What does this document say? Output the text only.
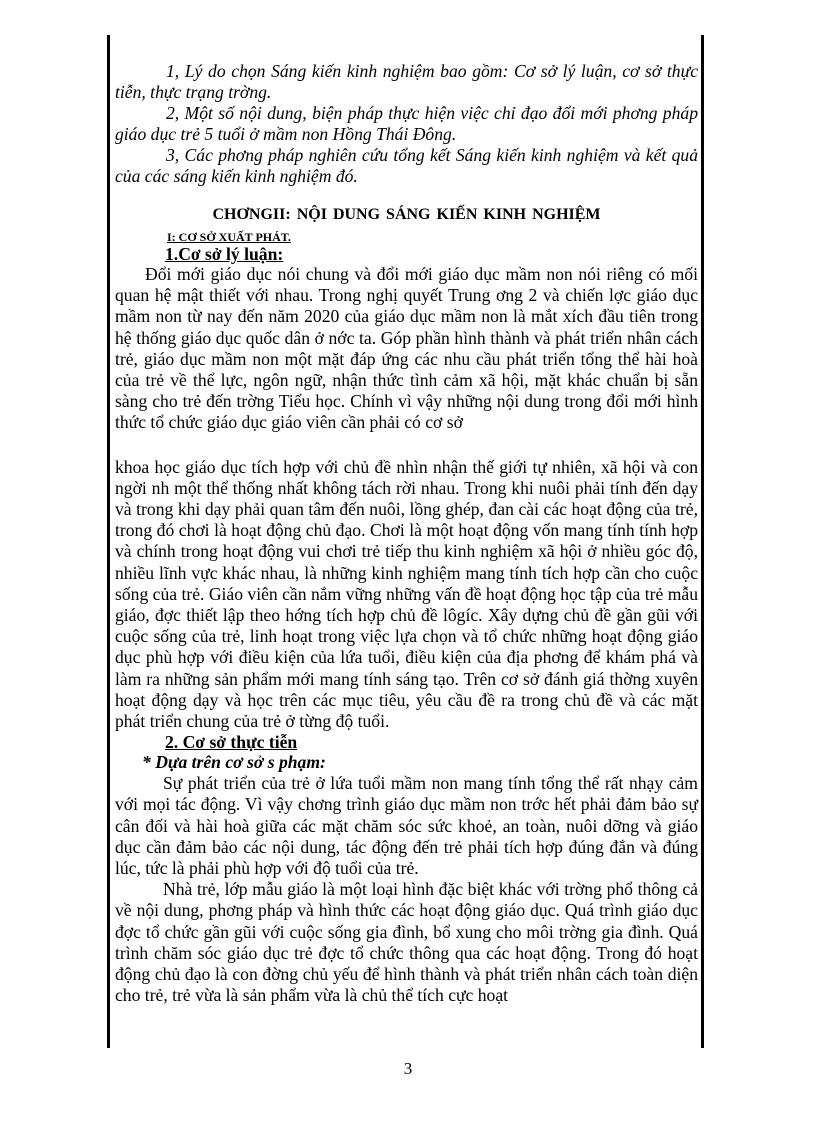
1, Lý do chọn Sáng kiến kinh nghiệm bao gồm: Cơ sở lý luận, cơ sở thực tiễn, thực trạng trờng.

2, Một số nội dung, biện pháp thực hiện việc chỉ đạo đổi mới phơng pháp giáo dục trẻ 5 tuổi ở mầm non Hồng Thái Đông.

3, Các phơng pháp nghiên cứu tổng kết Sáng kiến kinh nghiệm và kết quả của các sáng kiến kinh nghiệm đó.

CHƠNGII: NỘI DUNG SÁNG KIẾN KINH NGHIỆM
I: CƠ SỞ XUẤT PHÁT.
1.Cơ sở lý luận:

Đổi mới giáo dục nói chung và đổi mới giáo dục mầm non nói riêng có mối quan hệ mật thiết với nhau. Trong nghị quyết Trung ơng 2 và chiến lợc giáo dục mầm non từ nay đến năm 2020 của giáo dục mầm non là mắt xích đầu tiên trong hệ thống giáo dục quốc dân ở nớc ta. Góp phần hình thành và phát triển nhân cách trẻ, giáo dục mầm non một mặt đáp ứng các nhu cầu phát triển tổng thể hài hoà của trẻ về thể lực, ngôn ngữ, nhận thức tình cảm xã hội, mặt khác chuẩn bị sẵn sàng cho trẻ đến trờng Tiểu học. Chính vì vậy những nội dung trong đổi mới hình thức tổ chức giáo dục giáo viên cần phải có cơ sở

khoa học giáo dục tích hợp với chủ đề nhìn nhận thế giới tự nhiên, xã hội và con ngời nh một thể thống nhất không tách rời nhau. Trong khi nuôi phải tính đến dạy và trong khi dạy phải quan tâm đến nuôi, lồng ghép, đan cài các hoạt động của trẻ, trong đó chơi là hoạt động chủ đạo. Chơi là một hoạt động vốn mang tính tính hợp và chính trong hoạt động vui chơi trẻ tiếp thu kinh nghiệm xã hội ở nhiều góc độ, nhiều lĩnh vực khác nhau, là những kinh nghiệm mang tính tích hợp cần cho cuộc sống của trẻ. Giáo viên cần nắm vững những vấn đề hoạt động học tập của trẻ mẫu giáo, đợc thiết lập theo hớng tích hợp chủ đề lôgíc. Xây dựng chủ đề gần gũi với cuộc sống của trẻ, linh hoạt trong việc lựa chọn và tổ chức những hoạt động giáo dục phù hợp với điều kiện của lứa tuổi, điều kiện của địa phơng để khám phá và làm ra những sản phẩm mới mang tính sáng tạo. Trên cơ sở đánh giá thờng xuyên hoạt động dạy và học trên các mục tiêu, yêu cầu đề ra trong chủ đề và các mặt phát triển chung của trẻ ở từng độ tuổi.

2. Cơ sở thực tiễn
* Dựa trên cơ sở s phạm:

Sự phát triển của trẻ ở lứa tuổi mầm non mang tính tổng thể rất nhạy cảm với mọi tác động. Vì vậy chơng trình giáo dục mầm non trớc hết phải đảm bảo sự cân đối và hài hoà giữa các mặt chăm sóc sức khoẻ, an toàn, nuôi dỡng và giáo dục cần đảm bảo các nội dung, tác động đến trẻ phải tích hợp đúng đắn và đúng lúc, tức là phải phù hợp với độ tuổi của trẻ.

Nhà trẻ, lớp mẫu giáo là một loại hình đặc biệt khác với trờng phổ thông cả về nội dung, phơng pháp và hình thức các hoạt động giáo dục. Quá trình giáo dục đợc tổ chức gần gũi với cuộc sống gia đình, bổ xung cho môi trờng gia đình. Quá trình chăm sóc giáo dục trẻ đợc tổ chức thông qua các hoạt động. Trong đó hoạt động chủ đạo là con đờng chủ yếu để hình thành và phát triển nhân cách toàn diện cho trẻ, trẻ vừa là sản phẩm vừa là chủ thể tích cực hoạt

3
